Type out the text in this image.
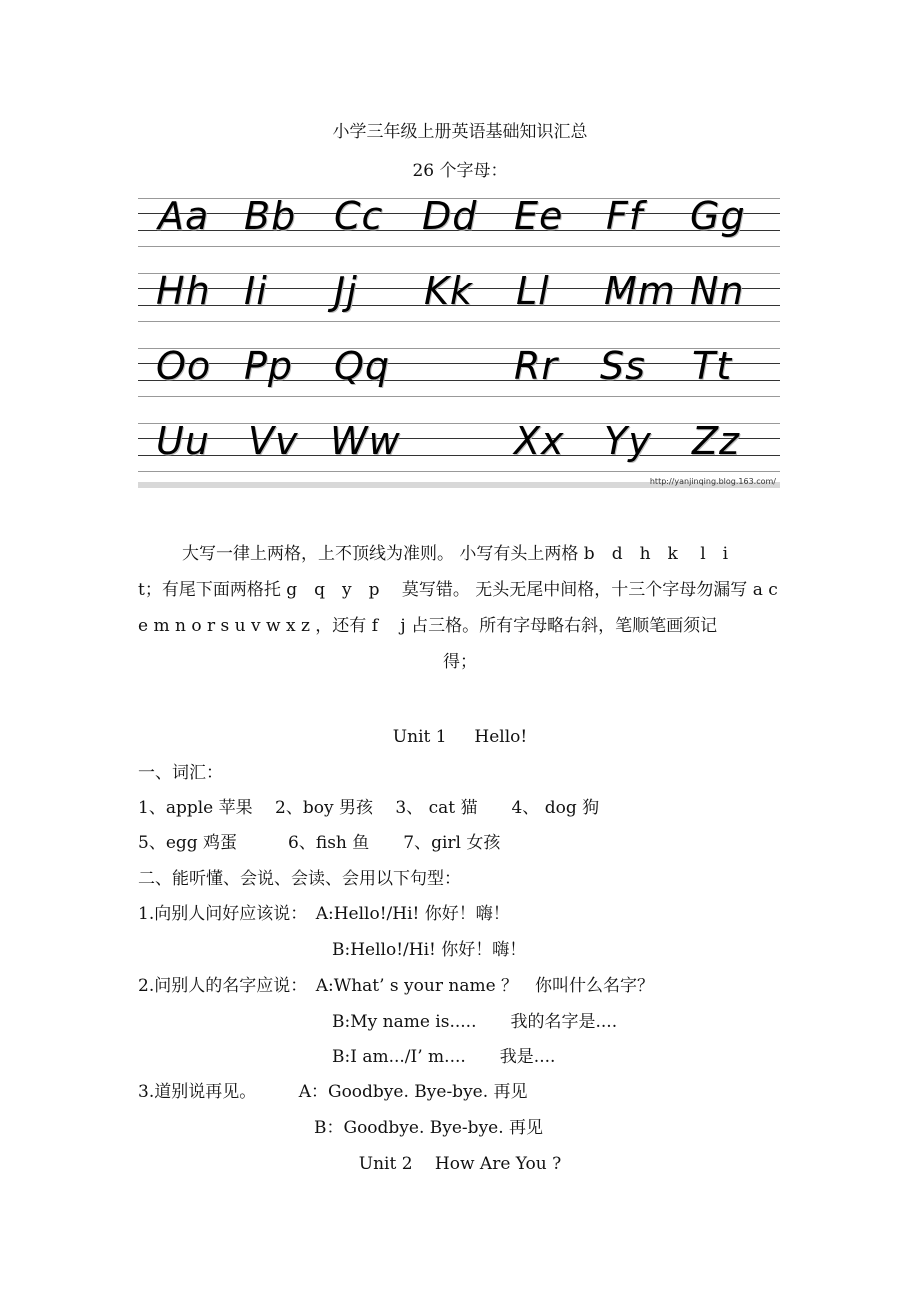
小学三年级上册英语基础知识汇总
26 个字母：
Aa Bb Cc Dd Ee Ff Gg
Hh Ii Jj Kk Ll Mm Nn
Oo Pp Qq	Rr Ss Tt
Uu Vv Ww	Xx Yy Zz
http://yanjinqing.blog.163.com/
大写一律上两格，上不顶线为准则。 小写有头上两格 b　d　h　k　 l　i
t；有尾下面两格托 g　q　y　p　 莫写错。 无头无尾中间格，十三个字母勿漏写 a c
e m n o r s u v w x z ，还有 f　 j 占三格。所有字母略右斜，笔顺笔画须记
得；
Unit 1　  Hello!
一、词汇：
1、apple 苹果　 2、boy 男孩　 3、 cat 猫　　4、 dog 狗
5、egg 鸡蛋　　　6、fish 鱼　　7、girl 女孩
二、能听懂、会说、会读、会用以下句型：
1.向别人问好应该说：　A:Hello!/Hi! 你好！嗨！
B:Hello!/Hi! 你好！嗨！
2.问别人的名字应说：　A:What’ s your name ？　你叫什么名字？
B:My name is.....　　我的名字是....
B:I am.../I’ m....　　我是....
3.道别说再见。　　　A：Goodbye. Bye-bye. 再见
B：Goodbye. Bye-bye. 再见
Unit 2　 How Are You ?
